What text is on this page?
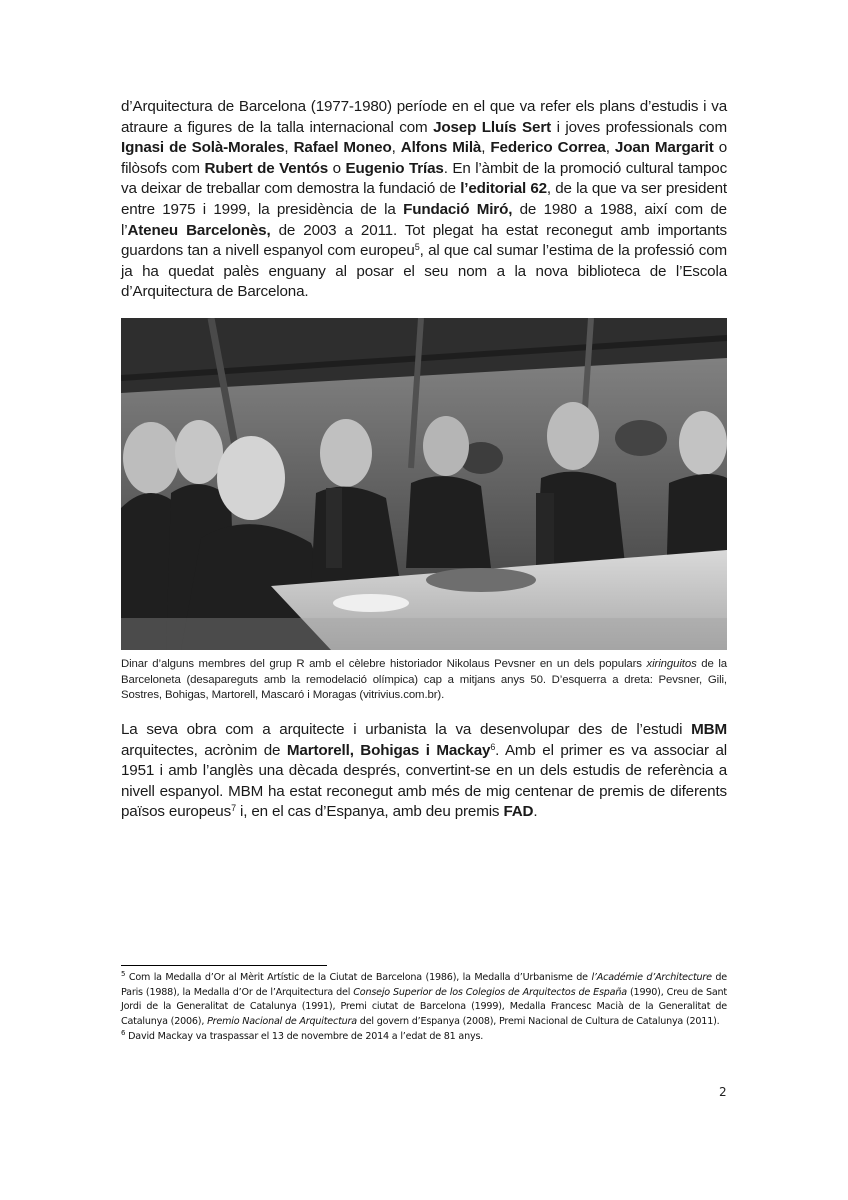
d’Arquitectura de Barcelona (1977-1980) període en el que va refer els plans d’estudis i va atraure a figures de la talla internacional com Josep Lluís Sert i joves professionals com Ignasi de Solà-Morales, Rafael Moneo, Alfons Milà, Federico Correa, Joan Margarit o filòsofs com Rubert de Ventós o Eugenio Trías. En l’àmbit de la promoció cultural tampoc va deixar de treballar com demostra la fundació de l’editorial 62, de la que va ser president entre 1975 i 1999, la presidència de la Fundació Miró, de 1980 a 1988, així com de l’Ateneu Barcelonès, de 2003 a 2011. Tot plegat ha estat reconegut amb importants guardons tan a nivell espanyol com europeu$^5$, al que cal sumar l’estima de la professió com ja ha quedat palès enguany al posar el seu nom a la nova biblioteca de l’Escola d’Arquitectura de Barcelona.

Dinar d’alguns membres del grup R amb el cèlebre historiador Nikolaus Pevsner en un dels populars xiringuitos de la Barceloneta (desapareguts amb la remodelació olímpica) cap a mitjans anys 50. D’esquerra a dreta: Pevsner, Gili, Sostres, Bohigas, Martorell, Mascaró i Moragas (vitrivius.com.br).

La seva obra com a arquitecte i urbanista la va desenvolupar des de l’estudi MBM arquitectes, acrònim de Martorell, Bohigas i Mackay$^6$. Amb el primer es va associar al 1951 i amb l’anglès una dècada després, convertint-se en un dels estudis de referència a nivell espanyol. MBM ha estat reconegut amb més de mig centenar de premis de diferents països europeus$^7$ i, en el cas d’Espanya, amb deu premis FAD.

$^5$ Com la Medalla d’Or al Mèrit Artístic de la Ciutat de Barcelona (1986), la Medalla d’Urbanisme de l’Académie d’Architecture de Paris (1988), la Medalla d’Or de l’Arquitectura del Consejo Superior de los Colegios de Arquitectos de España (1990), Creu de Sant Jordi de la Generalitat de Catalunya (1991), Premi ciutat de Barcelona (1999), Medalla Francesc Macià de la Generalitat de Catalunya (2006), Premio Nacional de Arquitectura del govern d’Espanya (2008), Premi Nacional de Cultura de Catalunya (2011).

$^6$ David Mackay va traspassar el 13 de novembre de 2014 a l’edat de 81 anys.

2
